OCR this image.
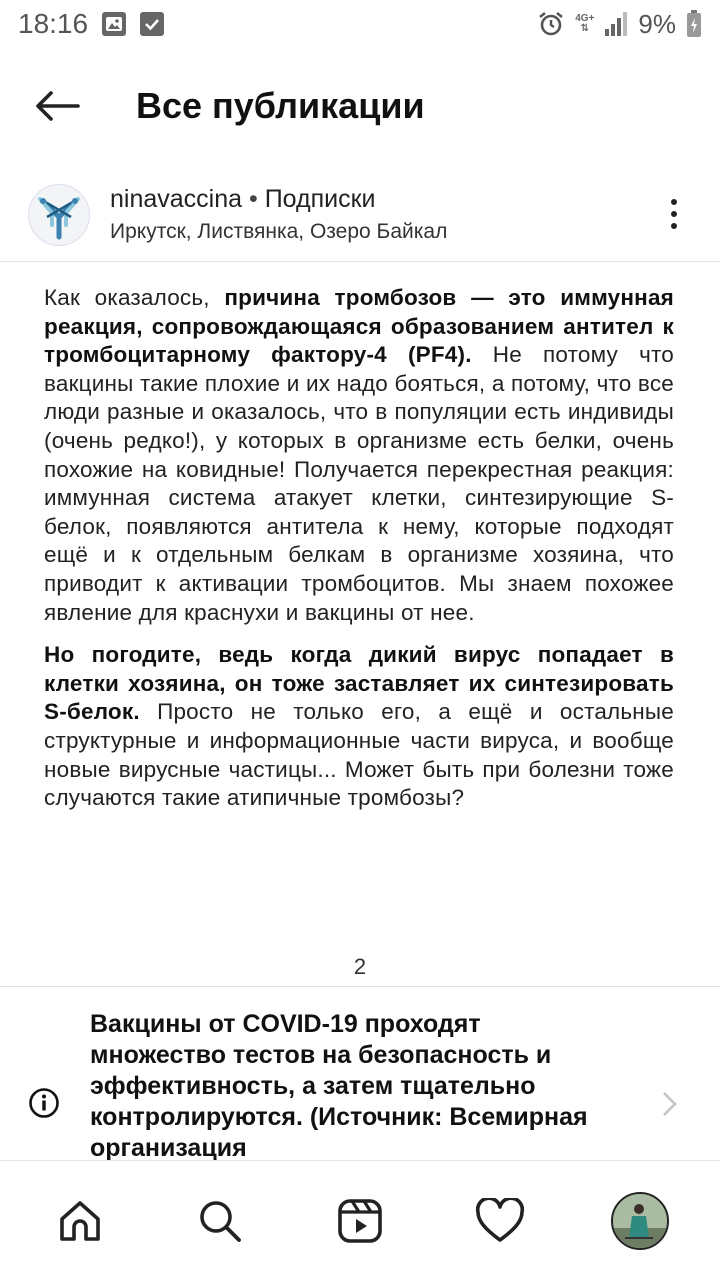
18:16	4G+
⇅ 9%
Все публикации
ninavaccina • Подписки
Иркутск, Листвянка, Озеро Байкал

Как оказалось, причина тромбозов — это иммунная реакция, сопровождающаяся образованием антител к тромбоцитарному фактору-4 (PF4). Не потому что вакцины такие плохие и их надо бояться, а потому, что все люди разные и оказалось, что в популяции есть индивиды (очень редко!), у которых в организме есть белки, очень похожие на ковидные! Получается перекрестная реакция: иммунная система атакует клетки, синтезирующие S-белок, появляются антитела к нему, которые подходят ещё и к отдельным белкам в организме хозяина, что приводит к активации тромбоцитов. Мы знаем похожее явление для краснухи и вакцины от нее.

Но погодите, ведь когда дикий вирус попадает в клетки хозяина, он тоже заставляет их синтезировать S-белок. Просто не только его, а ещё и остальные структурные и информационные части вируса, и вообще новые вирусные частицы... Может быть при болезни тоже случаются такие атипичные тромбозы?

2
Вакцины от COVID-19 проходят множество тестов на безопасность и эффективность, а затем тщательно контролируются. (Источник: Всемирная организация
